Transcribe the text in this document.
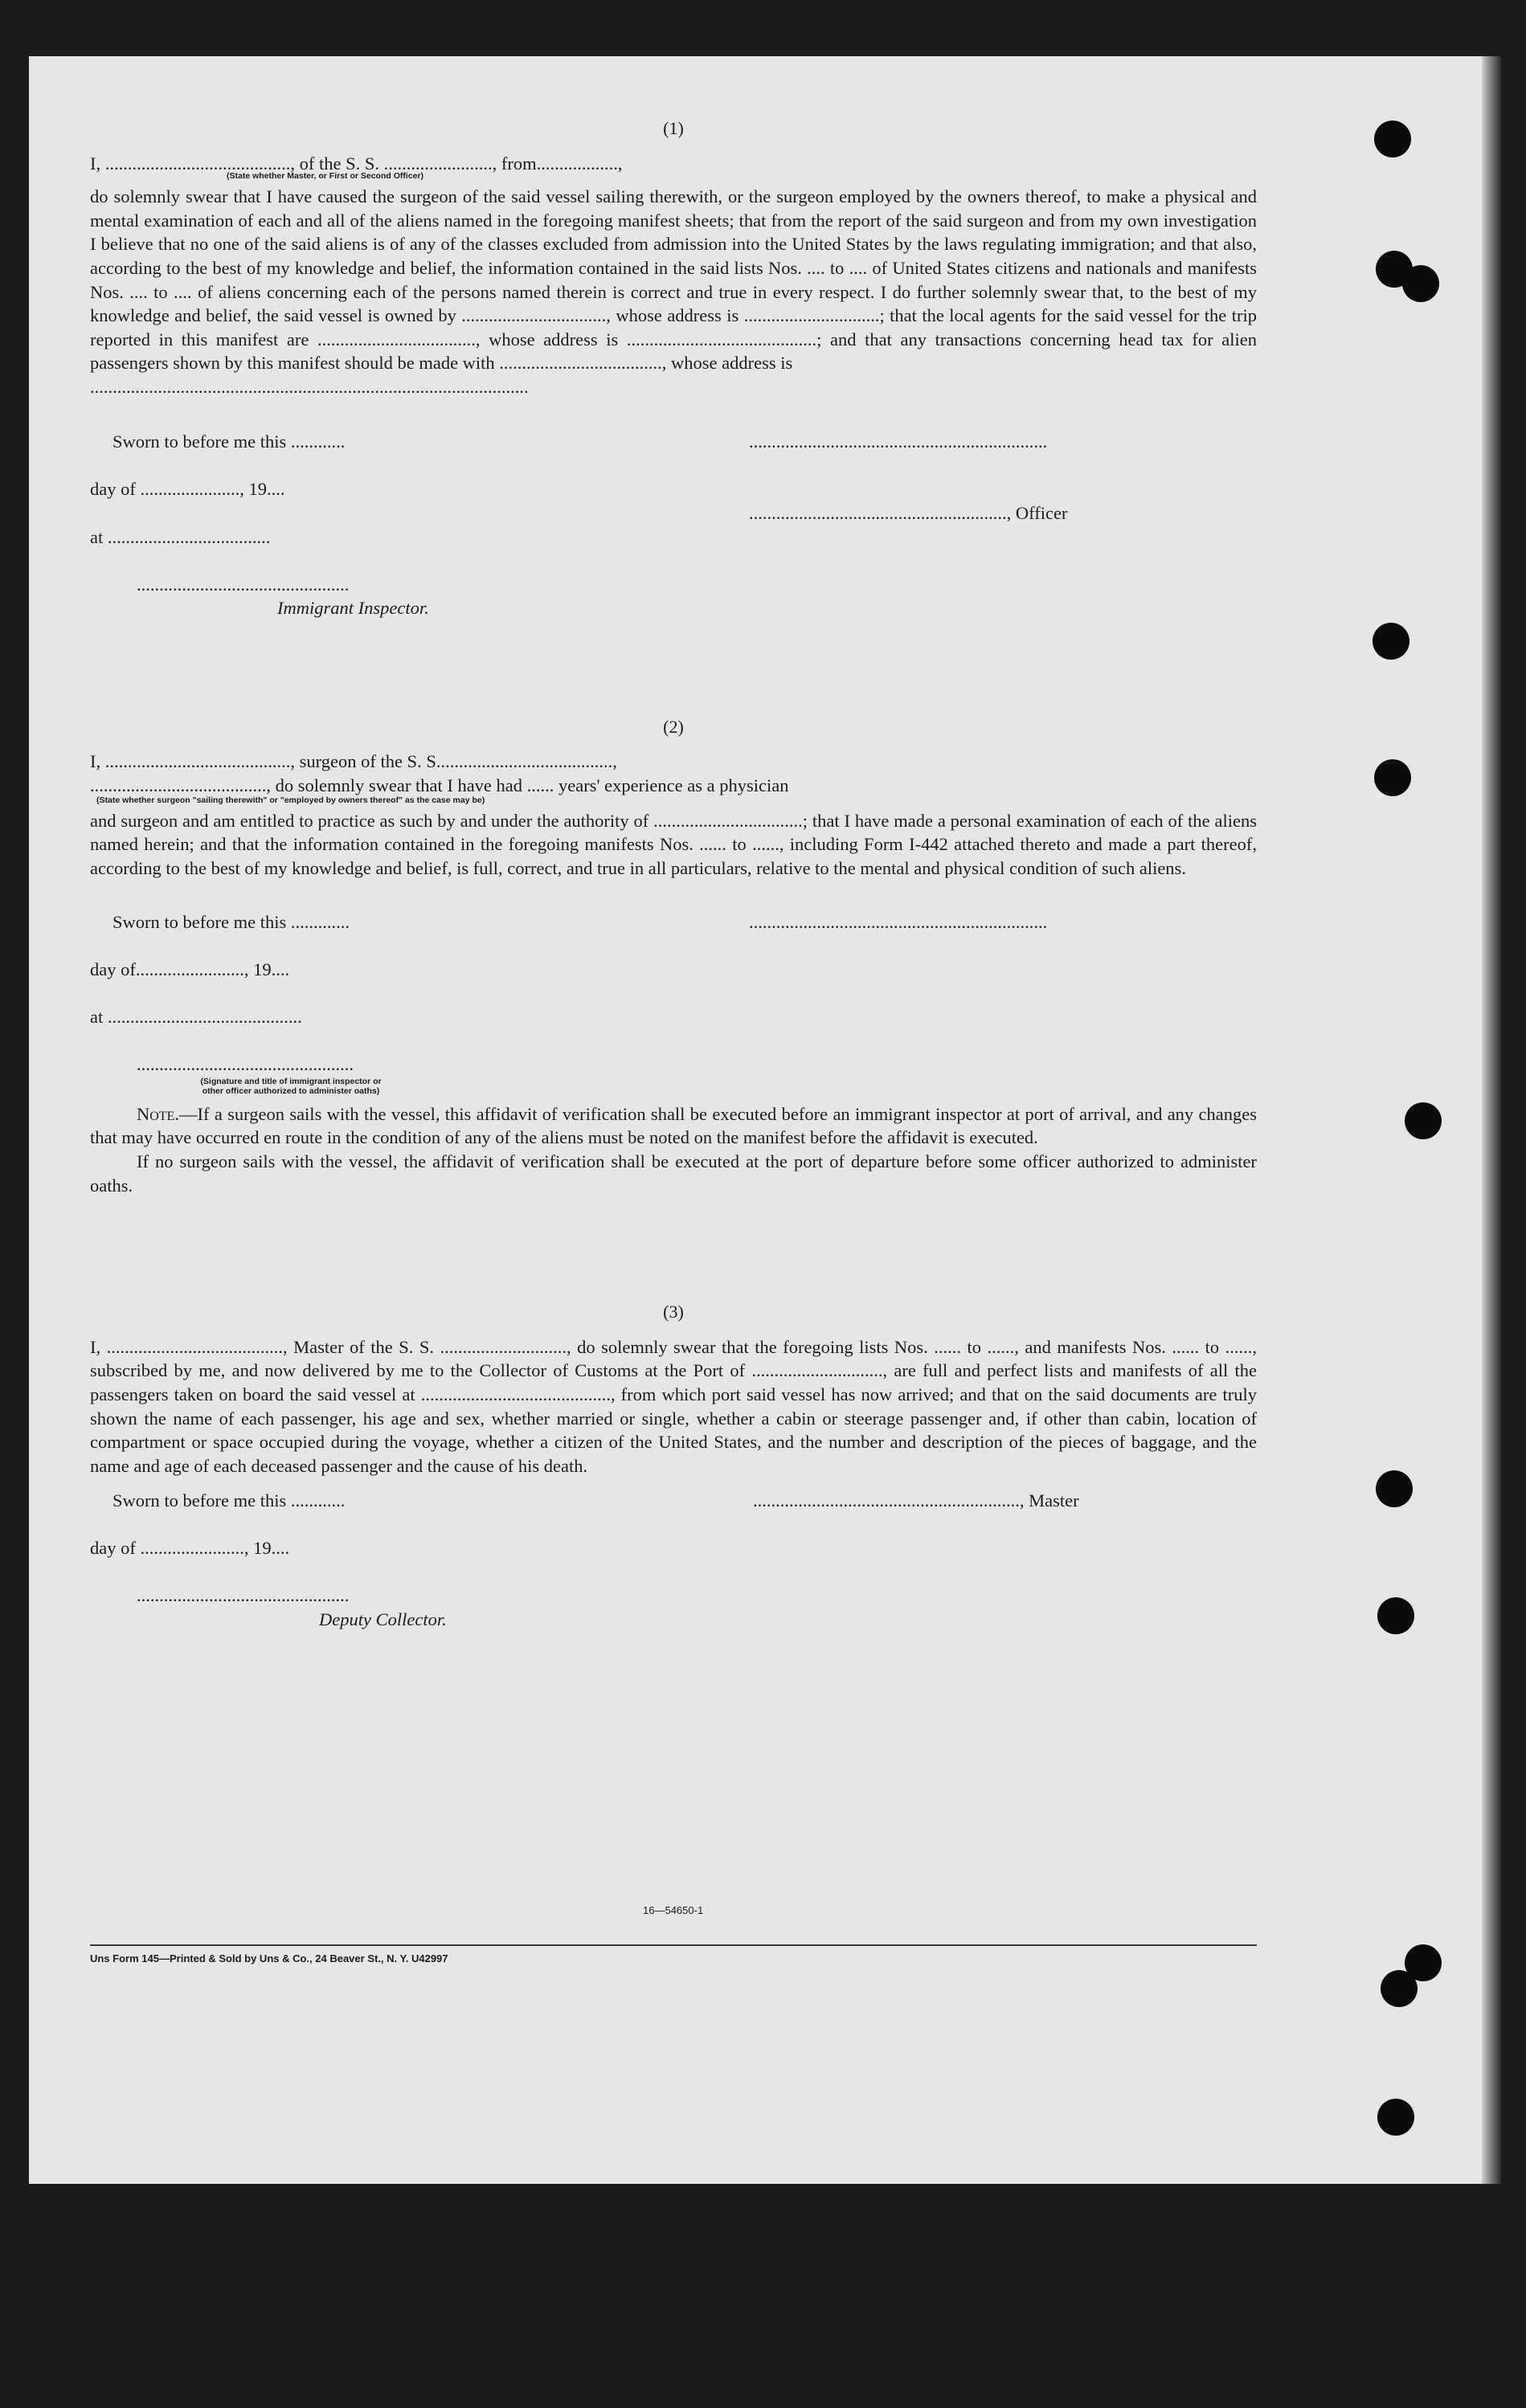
(1)
I, ........................................., of the S. S. ........................, from..................,
(State whether Master, or First or Second Officer)

do solemnly swear that I have caused the surgeon of the said vessel sailing therewith, or the surgeon employed by the owners thereof, to make a physical and mental examination of each and all of the aliens named in the foregoing manifest sheets; that from the report of the said surgeon and from my own investigation I believe that no one of the said aliens is of any of the classes excluded from admission into the United States by the laws regulating immigration; and that also, according to the best of my knowledge and belief, the information contained in the said lists Nos. .... to .... of United States citizens and nationals and manifests Nos. .... to .... of aliens concerning each of the persons named therein is correct and true in every respect. I do further solemnly swear that, to the best of my knowledge and belief, the said vessel is owned by ................................, whose address is ..............................; that the local agents for the said vessel for the trip reported in this manifest are ..................................., whose address is ..........................................; and that any transactions concerning head tax for alien passengers shown by this manifest should be made with ...................................., whose address is

.................................................................................................
Sworn to before me this ............	..................................................................
day of ......................, 19....
........................................................., Officer
at ....................................
...............................................
Immigrant Inspector.
(2)
I, ........................................., surgeon of the S. S.......................................,
......................................., do solemnly swear that I have had ...... years' experience as a physician
(State whether surgeon "sailing therewith" or "employed by owners thereof" as the case may be)

and surgeon and am entitled to practice as such by and under the authority of .................................; that I have made a personal examination of each of the aliens named herein; and that the information contained in the foregoing manifests Nos. ...... to ......, including Form I-442 attached thereto and made a part thereof, according to the best of my knowledge and belief, is full, correct, and true in all particulars, relative to the mental and physical condition of such aliens.

Sworn to before me this .............	..................................................................
day of........................, 19....
at ...........................................
................................................
(Signature and title of immigrant inspector or
other officer authorized to administer oaths)

Note.—If a surgeon sails with the vessel, this affidavit of verification shall be executed before an immigrant inspector at port of arrival, and any changes that may have occurred en route in the condition of any of the aliens must be noted on the manifest before the affidavit is executed.

If no surgeon sails with the vessel, the affidavit of verification shall be executed at the port of departure before some officer authorized to administer oaths.

(3)

I, ......................................., Master of the S. S. ............................, do solemnly swear that the foregoing lists Nos. ...... to ......, and manifests Nos. ...... to ......, subscribed by me, and now delivered by me to the Collector of Customs at the Port of ............................., are full and perfect lists and manifests of all the passengers taken on board the said vessel at .........................................., from which port said vessel has now arrived; and that on the said documents are truly shown the name of each passenger, his age and sex, whether married or single, whether a cabin or steerage passenger and, if other than cabin, location of compartment or space occupied during the voyage, whether a citizen of the United States, and the number and description of the pieces of baggage, and the name and age of each deceased passenger and the cause of his death.

Sworn to before me this ............	..........................................................., Master
day of ......................., 19....
...............................................
Deputy Collector.
16—54650-1
Uns Form 145—Printed & Sold by Uns & Co., 24 Beaver St., N. Y. U42997
